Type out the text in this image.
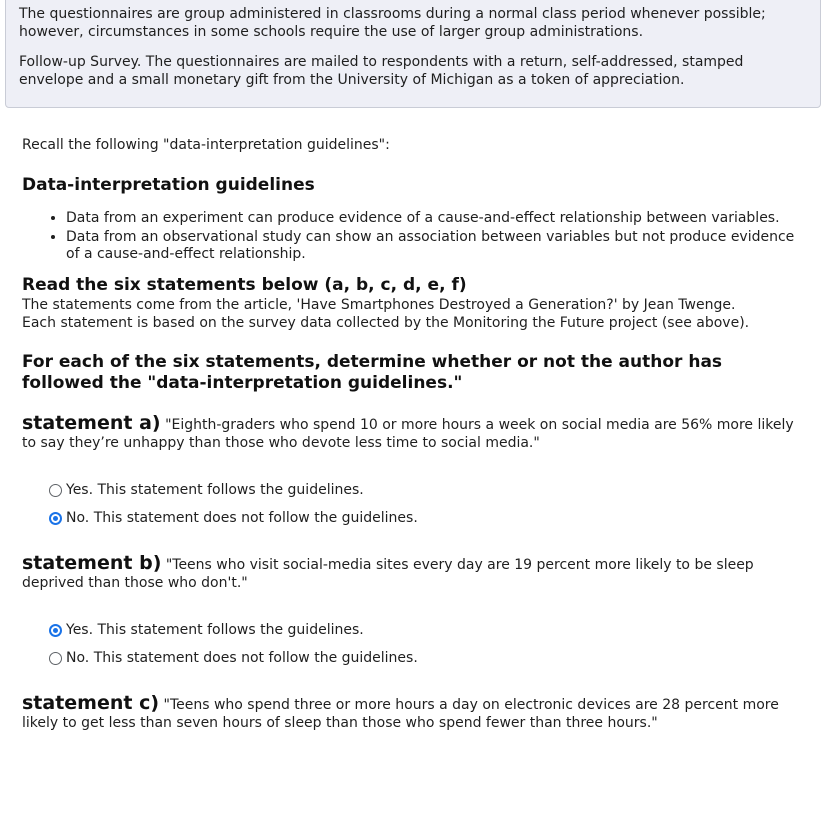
The questionnaires are group administered in classrooms during a normal class period whenever possible; however, circumstances in some schools require the use of larger group administrations.

Follow-up Survey. The questionnaires are mailed to respondents with a return, self-addressed, stamped envelope and a small monetary gift from the University of Michigan as a token of appreciation.

Recall the following "data-interpretation guidelines":

Data-interpretation guidelines
• Data from an experiment can produce evidence of a cause-and-effect relationship between variables.
• Data from an observational study can show an association between variables but not produce evidence of a cause-and-effect relationship.
Read the six statements below (a, b, c, d, e, f)

The statements come from the article, 'Have Smartphones Destroyed a Generation?' by Jean Twenge.

Each statement is based on the survey data collected by the Monitoring the Future project (see above).

For each of the six statements, determine whether or not the author has followed the "data-interpretation guidelines."
statement a) "Eighth-graders who spend 10 or more hours a week on social media are 56% more likely to say they’re unhappy than those who devote less time to social media."
Yes. This statement follows the guidelines.
No. This statement does not follow the guidelines.
statement b) "Teens who visit social-media sites every day are 19 percent more likely to be sleep deprived than those who don't."
Yes. This statement follows the guidelines.
No. This statement does not follow the guidelines.
statement c) "Teens who spend three or more hours a day on electronic devices are 28 percent more likely to get less than seven hours of sleep than those who spend fewer than three hours."
